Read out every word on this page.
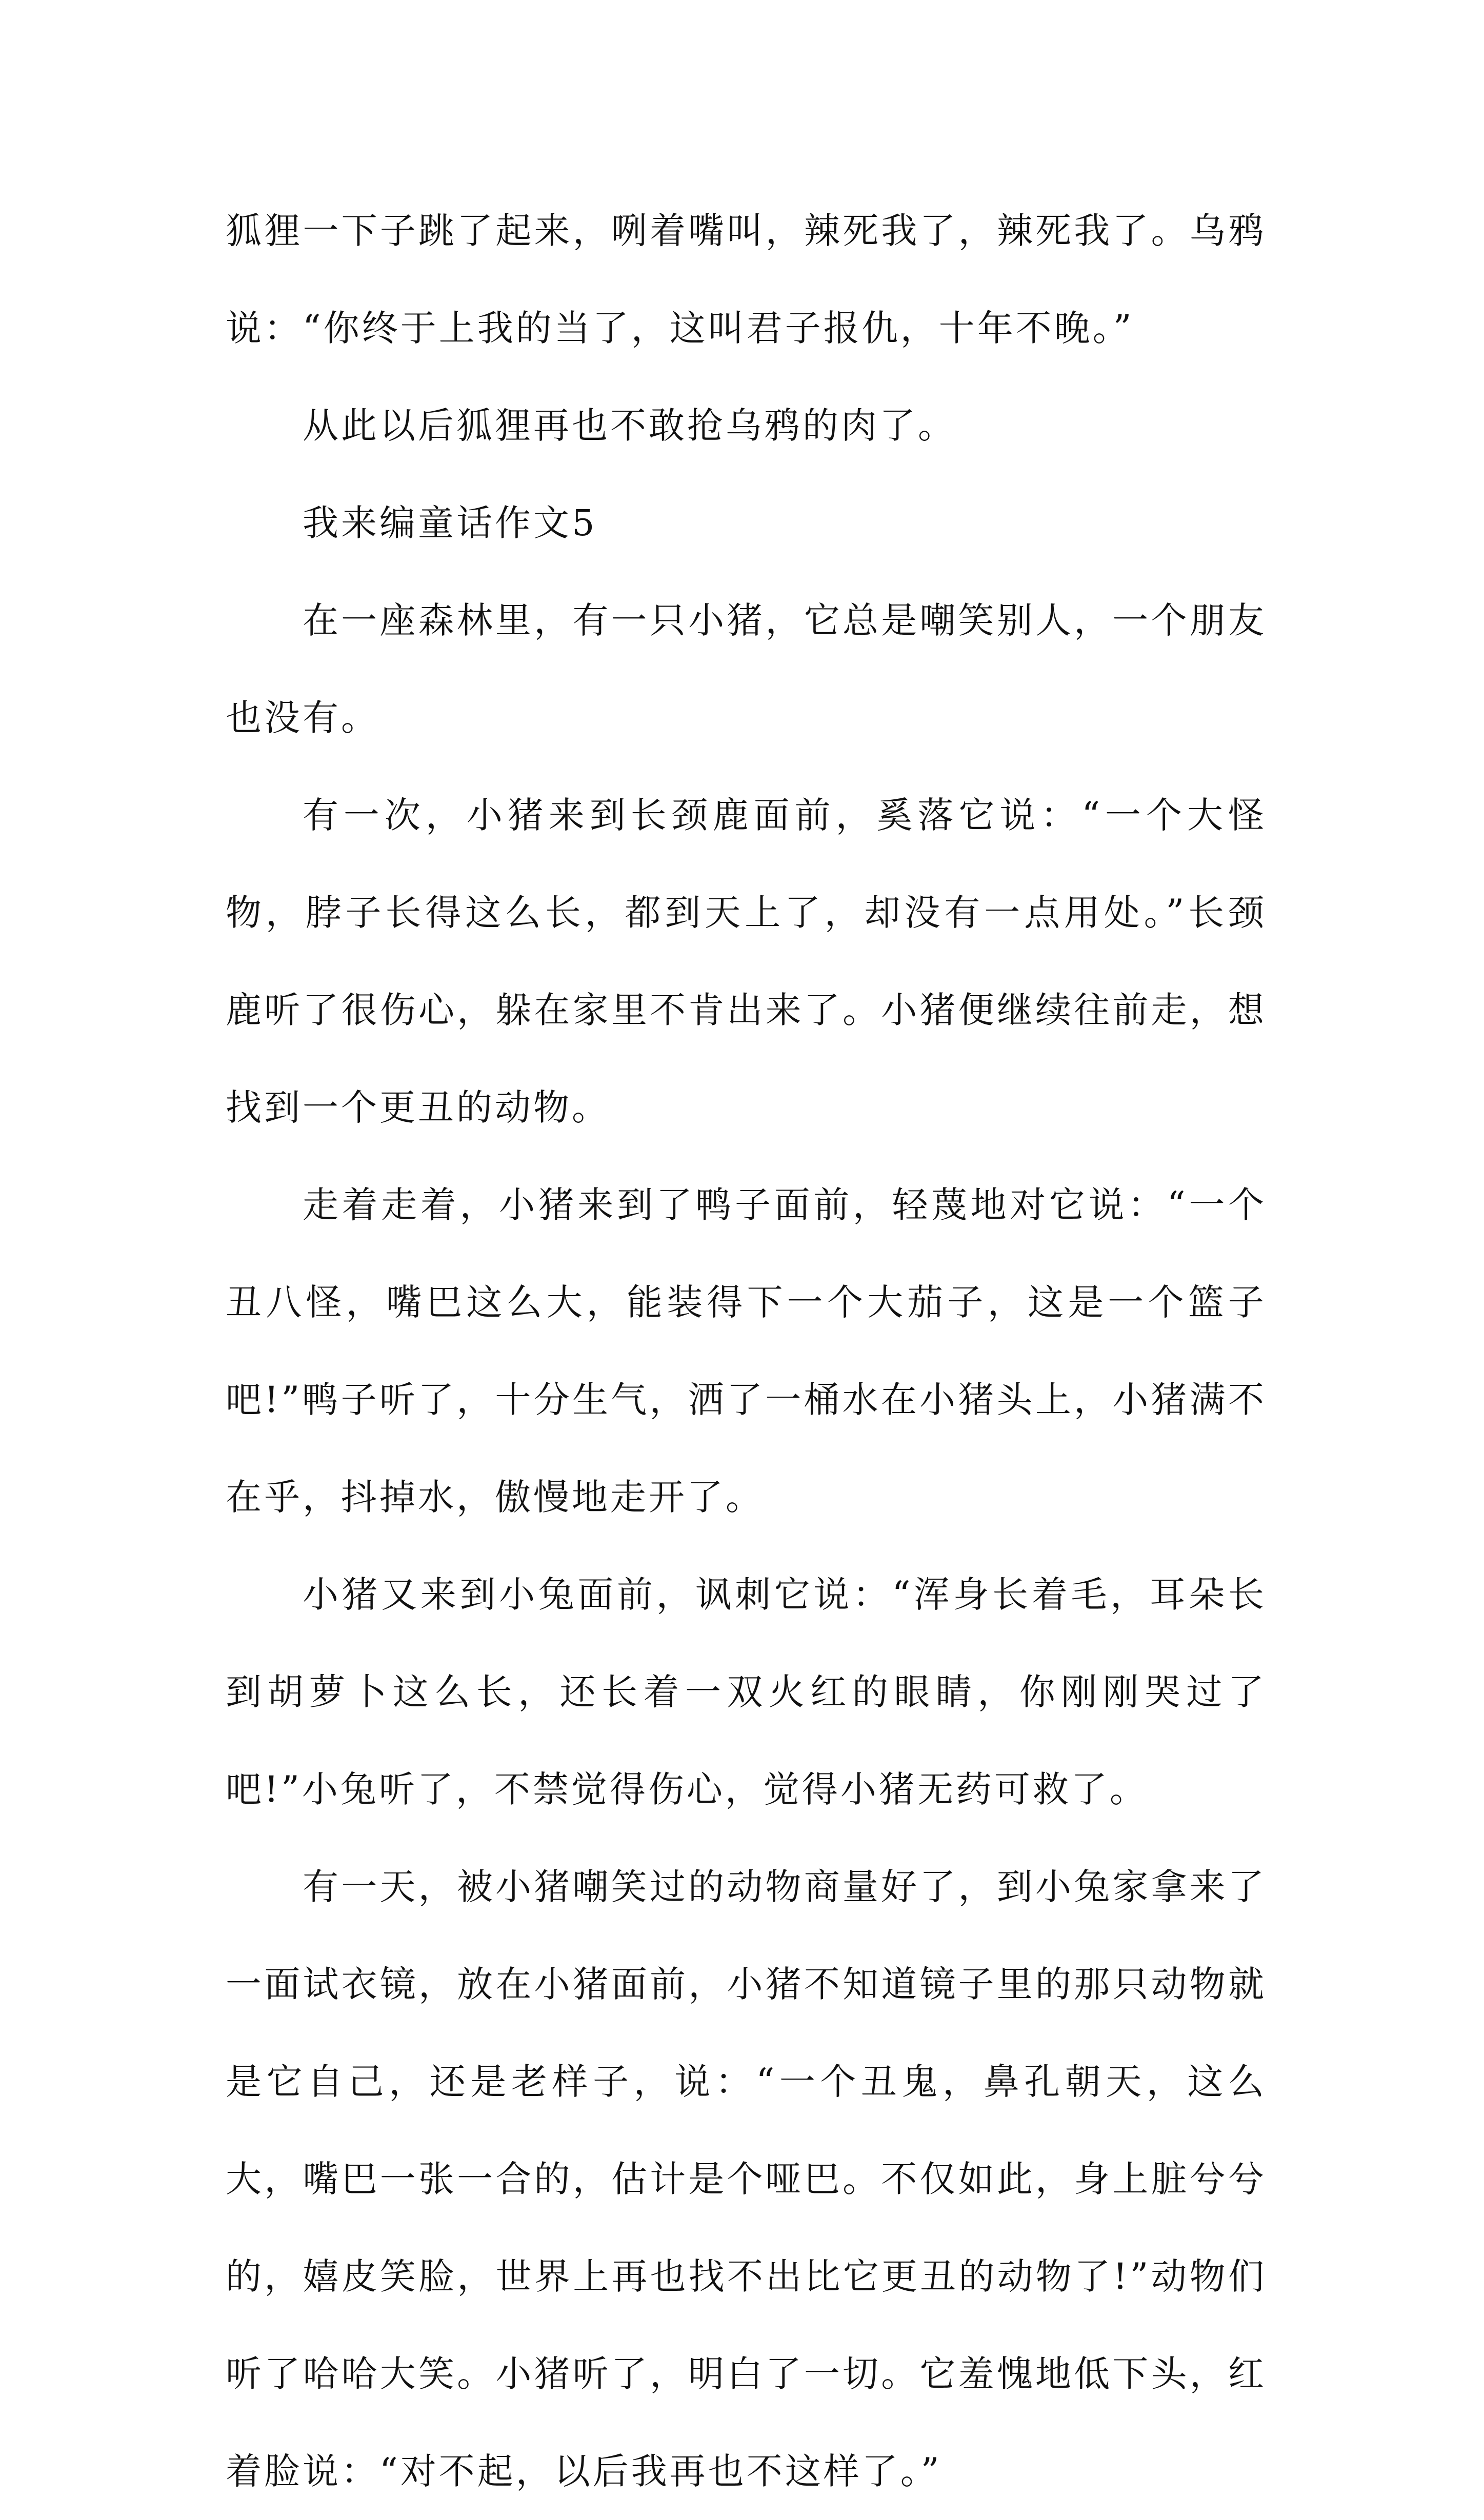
狐狸一下子跳了起来，咧着嘴叫，辣死我了，辣死我了。乌鸦说：“你终于上我的当了，这叫君子报仇，十年不晚。”

从此以后狐狸再也不敢抢乌鸦的肉了。

我来编童话作文5

在一座森林里，有一只小猪，它总是嘲笑别人，一个朋友也没有。

有一次，小猪来到长颈鹿面前，奚落它说：“一个大怪物，脖子长得这么长，都到天上了，却没有一点用处。”长颈鹿听了很伤心，躲在家里不肯出来了。小猪便继续往前走，想找到一个更丑的动物。

走着走着，小猪来到了鸭子面前，轻蔑地对它说：“一个丑八怪，嘴巴这么大，能装得下一个大茄子，这是一个篮子吧!”鸭子听了，十分生气，洒了一桶水在小猪头上，小猪满不在乎，抖掉水，傲慢地走开了。

小猪又来到小兔面前，讽刺它说：“浑身长着毛，耳朵长到胡萝卜这么长，还长着一双火红的眼睛，你刚刚哭过了吧!”小兔听了，不禁觉得伤心，觉得小猪无药可救了。

有一天，被小猪嘲笑过的动物商量好了，到小兔家拿来了一面试衣镜，放在小猪面前，小猪不知道镜子里的那只动物就是它自己，还是老样子，说：“一个丑鬼，鼻孔朝天，这么大，嘴巴一张一合的，估计是个哑巴。不仅如此，身上脏兮兮的，嬉皮笑脸，世界上再也找不出比它更丑的动物了!”动物们听了哈哈大笑。小猪听了，明白了一切。它羞愧地低下头，红着脸说：“对不起，以后我再也不这样了。”
